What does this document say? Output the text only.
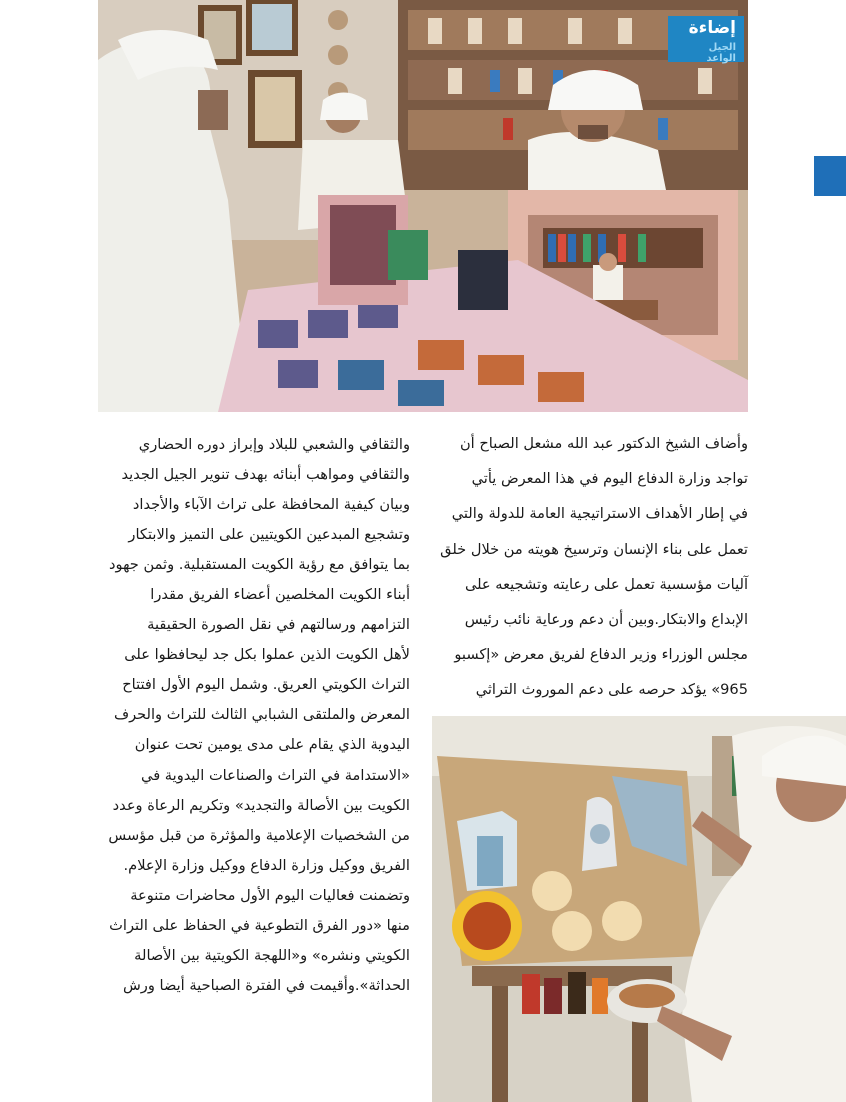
إضاءة
الجيل الواعد

وأضاف الشيخ الدكتور عبد الله مشعل الصباح أن

تواجد وزارة الدفاع اليوم في هذا المعرض يأتي

في إطار الأهداف الاستراتيجية العامة للدولة والتي

تعمل على بناء الإنسان وترسيخ هويته من خلال خلق

آليات مؤسسية تعمل على رعايته وتشجيعه على

الإبداع والابتكار.وبين أن دعم ورعاية نائب رئيس

مجلس الوزراء وزير الدفاع لفريق معرض «إكسبو

965» يؤكد حرصه على دعم الموروث التراثي

والثقافي والشعبي للبلاد وإبراز دوره الحضاري

والثقافي ومواهب أبنائه بهدف تنوير الجيل الجديد

وبيان كيفية المحافظة على تراث الآباء والأجداد

وتشجيع المبدعين الكويتيين على التميز والابتكار

بما يتوافق مع رؤية الكويت المستقبلية. وثمن جهود

أبناء الكويت المخلصين أعضاء الفريق مقدرا

التزامهم ورسالتهم في نقل الصورة الحقيقية

لأهل الكويت الذين عملوا بكل جد ليحافظوا على

التراث الكويتي العريق. وشمل اليوم الأول افتتاح

المعرض والملتقى الشبابي الثالث للتراث والحرف

اليدوية الذي يقام على مدى يومين تحت عنوان

«الاستدامة في التراث والصناعات اليدوية في

الكويت بين الأصالة والتجديد» وتكريم الرعاة وعدد

من الشخصيات الإعلامية والمؤثرة من قبل مؤسس

الفريق ووكيل وزارة الدفاع ووكيل وزارة الإعلام.

وتضمنت فعاليات اليوم الأول محاضرات متنوعة

منها «دور الفرق التطوعية في الحفاظ على التراث

الكويتي ونشره» و«اللهجة الكويتية بين الأصالة

الحداثة».وأقيمت في الفترة الصباحية أيضا ورش
